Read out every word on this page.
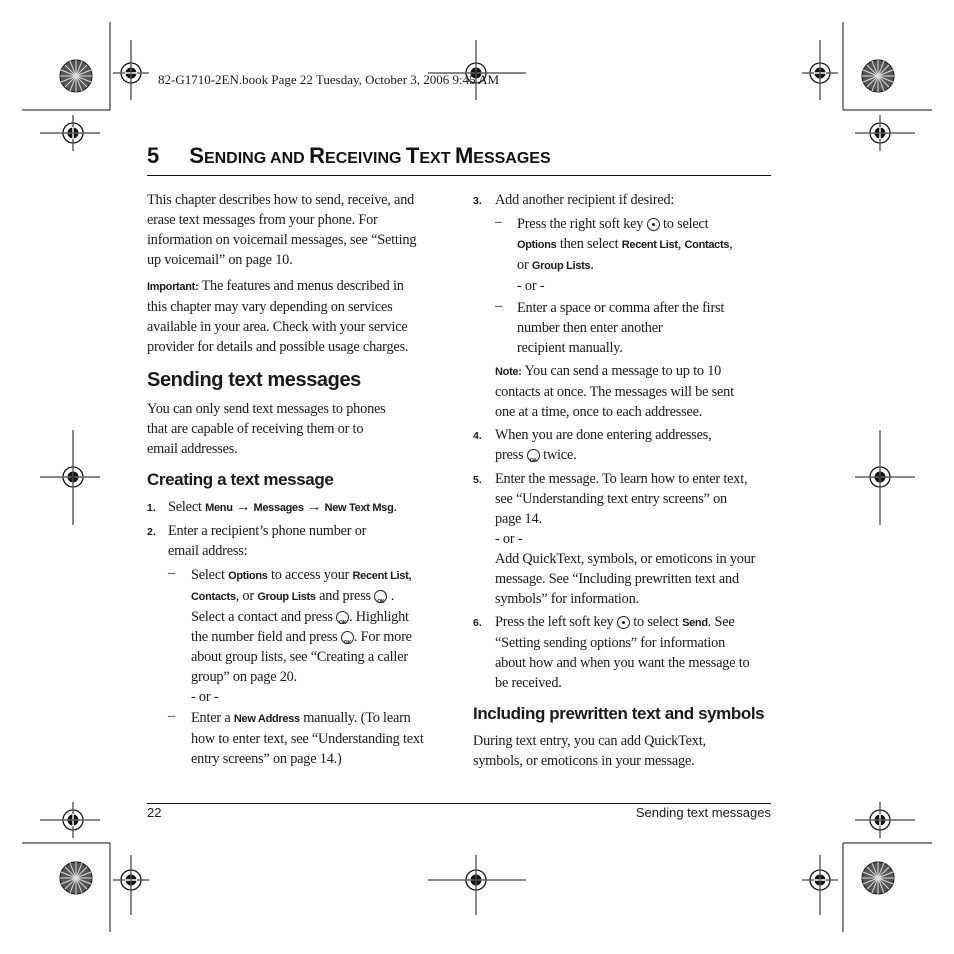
82-G1710-2EN.book Page 22 Tuesday, October 3, 2006 9:45 AM
5 SENDING AND RECEIVING TEXT MESSAGES
This chapter describes how to send, receive, and
erase text messages from your phone. For
information on voicemail messages, see “Setting
up voicemail” on page 10.
Important: The features and menus described in
this chapter may vary depending on services
available in your area. Check with your service
provider for details and possible usage charges.
Sending text messages
You can only send text messages to phones
that are capable of receiving them or to
email addresses.
Creating a text message
1. Select Menu → Messages → New Text Msg.
2. Enter a recipient’s phone number or
email address:
– Select Options to access your Recent List,
Contacts, or Group Lists and press OK .
Select a contact and press OK . Highlight
the number field and press OK . For more
about group lists, see “Creating a caller
group” on page 20.
- or -
– Enter a New Address manually. (To learn
how to enter text, see “Understanding text
entry screens” on page 14.)
3. Add another recipient if desired:
– Press the right soft key to select
Options then select Recent List, Contacts,
or Group Lists.
- or -
– Enter a space or comma after the first
number then enter another
recipient manually.
Note: You can send a message to up to 10
contacts at once. The messages will be sent
one at a time, once to each addressee.
4. When you are done entering addresses,
press OK twice.
5. Enter the message. To learn how to enter text,
see “Understanding text entry screens” on
page 14.
- or -
Add QuickText, symbols, or emoticons in your
message. See “Including prewritten text and
symbols” for information.
6. Press the left soft key to select Send. See
“Setting sending options” for information
about how and when you want the message to
be received.
Including prewritten text and symbols
During text entry, you can add QuickText,
symbols, or emoticons in your message.
22	Sending text messages
